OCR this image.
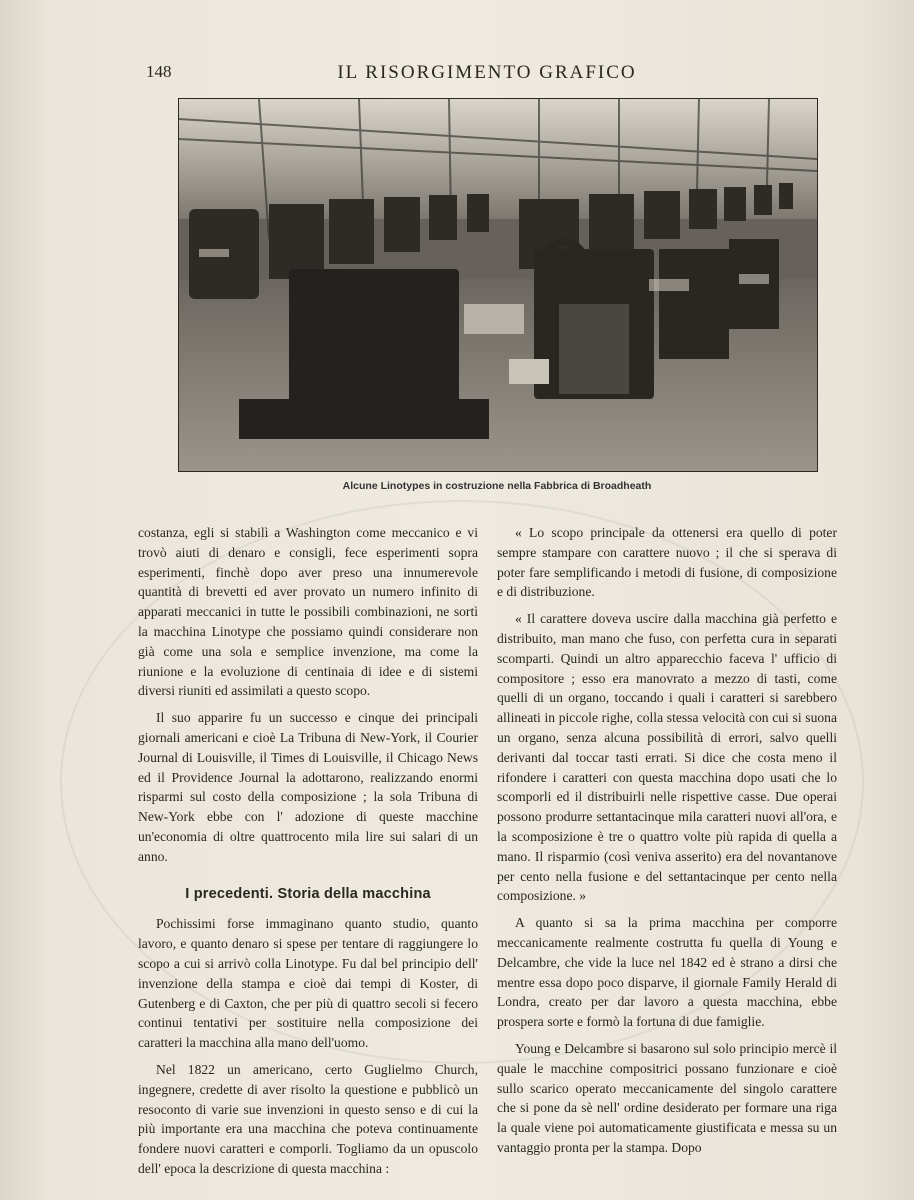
148	IL RISORGIMENTO GRAFICO
Alcune Linotypes in costruzione nella Fabbrica di Broadheath

costanza, egli si stabilì a Washington come meccanico e vi trovò aiuti di denaro e consigli, fece esperimenti sopra esperimenti, finchè dopo aver preso una innumerevole quantità di brevetti ed aver provato un numero infinito di apparati meccanici in tutte le possibili combinazioni, ne sortì la macchina Linotype che possiamo quindi considerare non già come una sola e semplice invenzione, ma come la riunione e la evoluzione di centinaia di idee e di sistemi diversi riuniti ed assimilati a questo scopo.

Il suo apparire fu un successo e cinque dei principali giornali americani e cioè La Tribuna di New-York, il Courier Journal di Louisville, il Times di Louisville, il Chicago News ed il Providence Journal la adottarono, realizzando enormi risparmi sul costo della composizione ; la sola Tribuna di New-York ebbe con l' adozione di queste macchine un'economia di oltre quattrocento mila lire sui salari di un anno.

I precedenti. Storia della macchina

Pochissimi forse immaginano quanto studio, quanto lavoro, e quanto denaro si spese per tentare di raggiungere lo scopo a cui si arrivò colla Linotype. Fu dal bel principio dell' invenzione della stampa e cioè dai tempi di Koster, di Gutenberg e di Caxton, che per più di quattro secoli si fecero continui tentativi per sostituire nella composizione dei caratteri la macchina alla mano dell'uomo.

Nel 1822 un americano, certo Guglielmo Church, ingegnere, credette di aver risolto la questione e pubblicò un resoconto di varie sue invenzioni in questo senso e di cui la più importante era una macchina che poteva continuamente fondere nuovi caratteri e comporli. Togliamo da un opuscolo dell' epoca la descrizione di questa macchina :

« Lo scopo principale da ottenersi era quello di poter sempre stampare con carattere nuovo ; il che si sperava di poter fare semplificando i metodi di fusione, di composizione e di distribuzione.

« Il carattere doveva uscire dalla macchina già perfetto e distribuito, man mano che fuso, con perfetta cura in separati scomparti. Quindi un altro apparecchio faceva l' ufficio di compositore ; esso era manovrato a mezzo di tasti, come quelli di un organo, toccando i quali i caratteri si sarebbero allineati in piccole righe, colla stessa velocità con cui si suona un organo, senza alcuna possibilità di errori, salvo quelli derivanti dal toccar tasti errati. Si dice che costa meno il rifondere i caratteri con questa macchina dopo usati che lo scomporli ed il distribuirli nelle rispettive casse. Due operai possono produrre settantacinque mila caratteri nuovi all'ora, e la scomposizione è tre o quattro volte più rapida di quella a mano. Il risparmio (così veniva asserito) era del novantanove per cento nella fusione e del settantacinque per cento nella composizione. »

A quanto si sa la prima macchina per comporre meccanicamente realmente costrutta fu quella di Young e Delcambre, che vide la luce nel 1842 ed è strano a dirsi che mentre essa dopo poco disparve, il giornale Family Herald di Londra, creato per dar lavoro a questa macchina, ebbe prospera sorte e formò la fortuna di due famiglie.

Young e Delcambre si basarono sul solo principio mercè il quale le macchine compositrici possano funzionare e cioè sullo scarico operato meccanicamente del singolo carattere che si pone da sè nell' ordine desiderato per formare una riga la quale viene poi automaticamente giustificata e messa su un vantaggio pronta per la stampa. Dopo
